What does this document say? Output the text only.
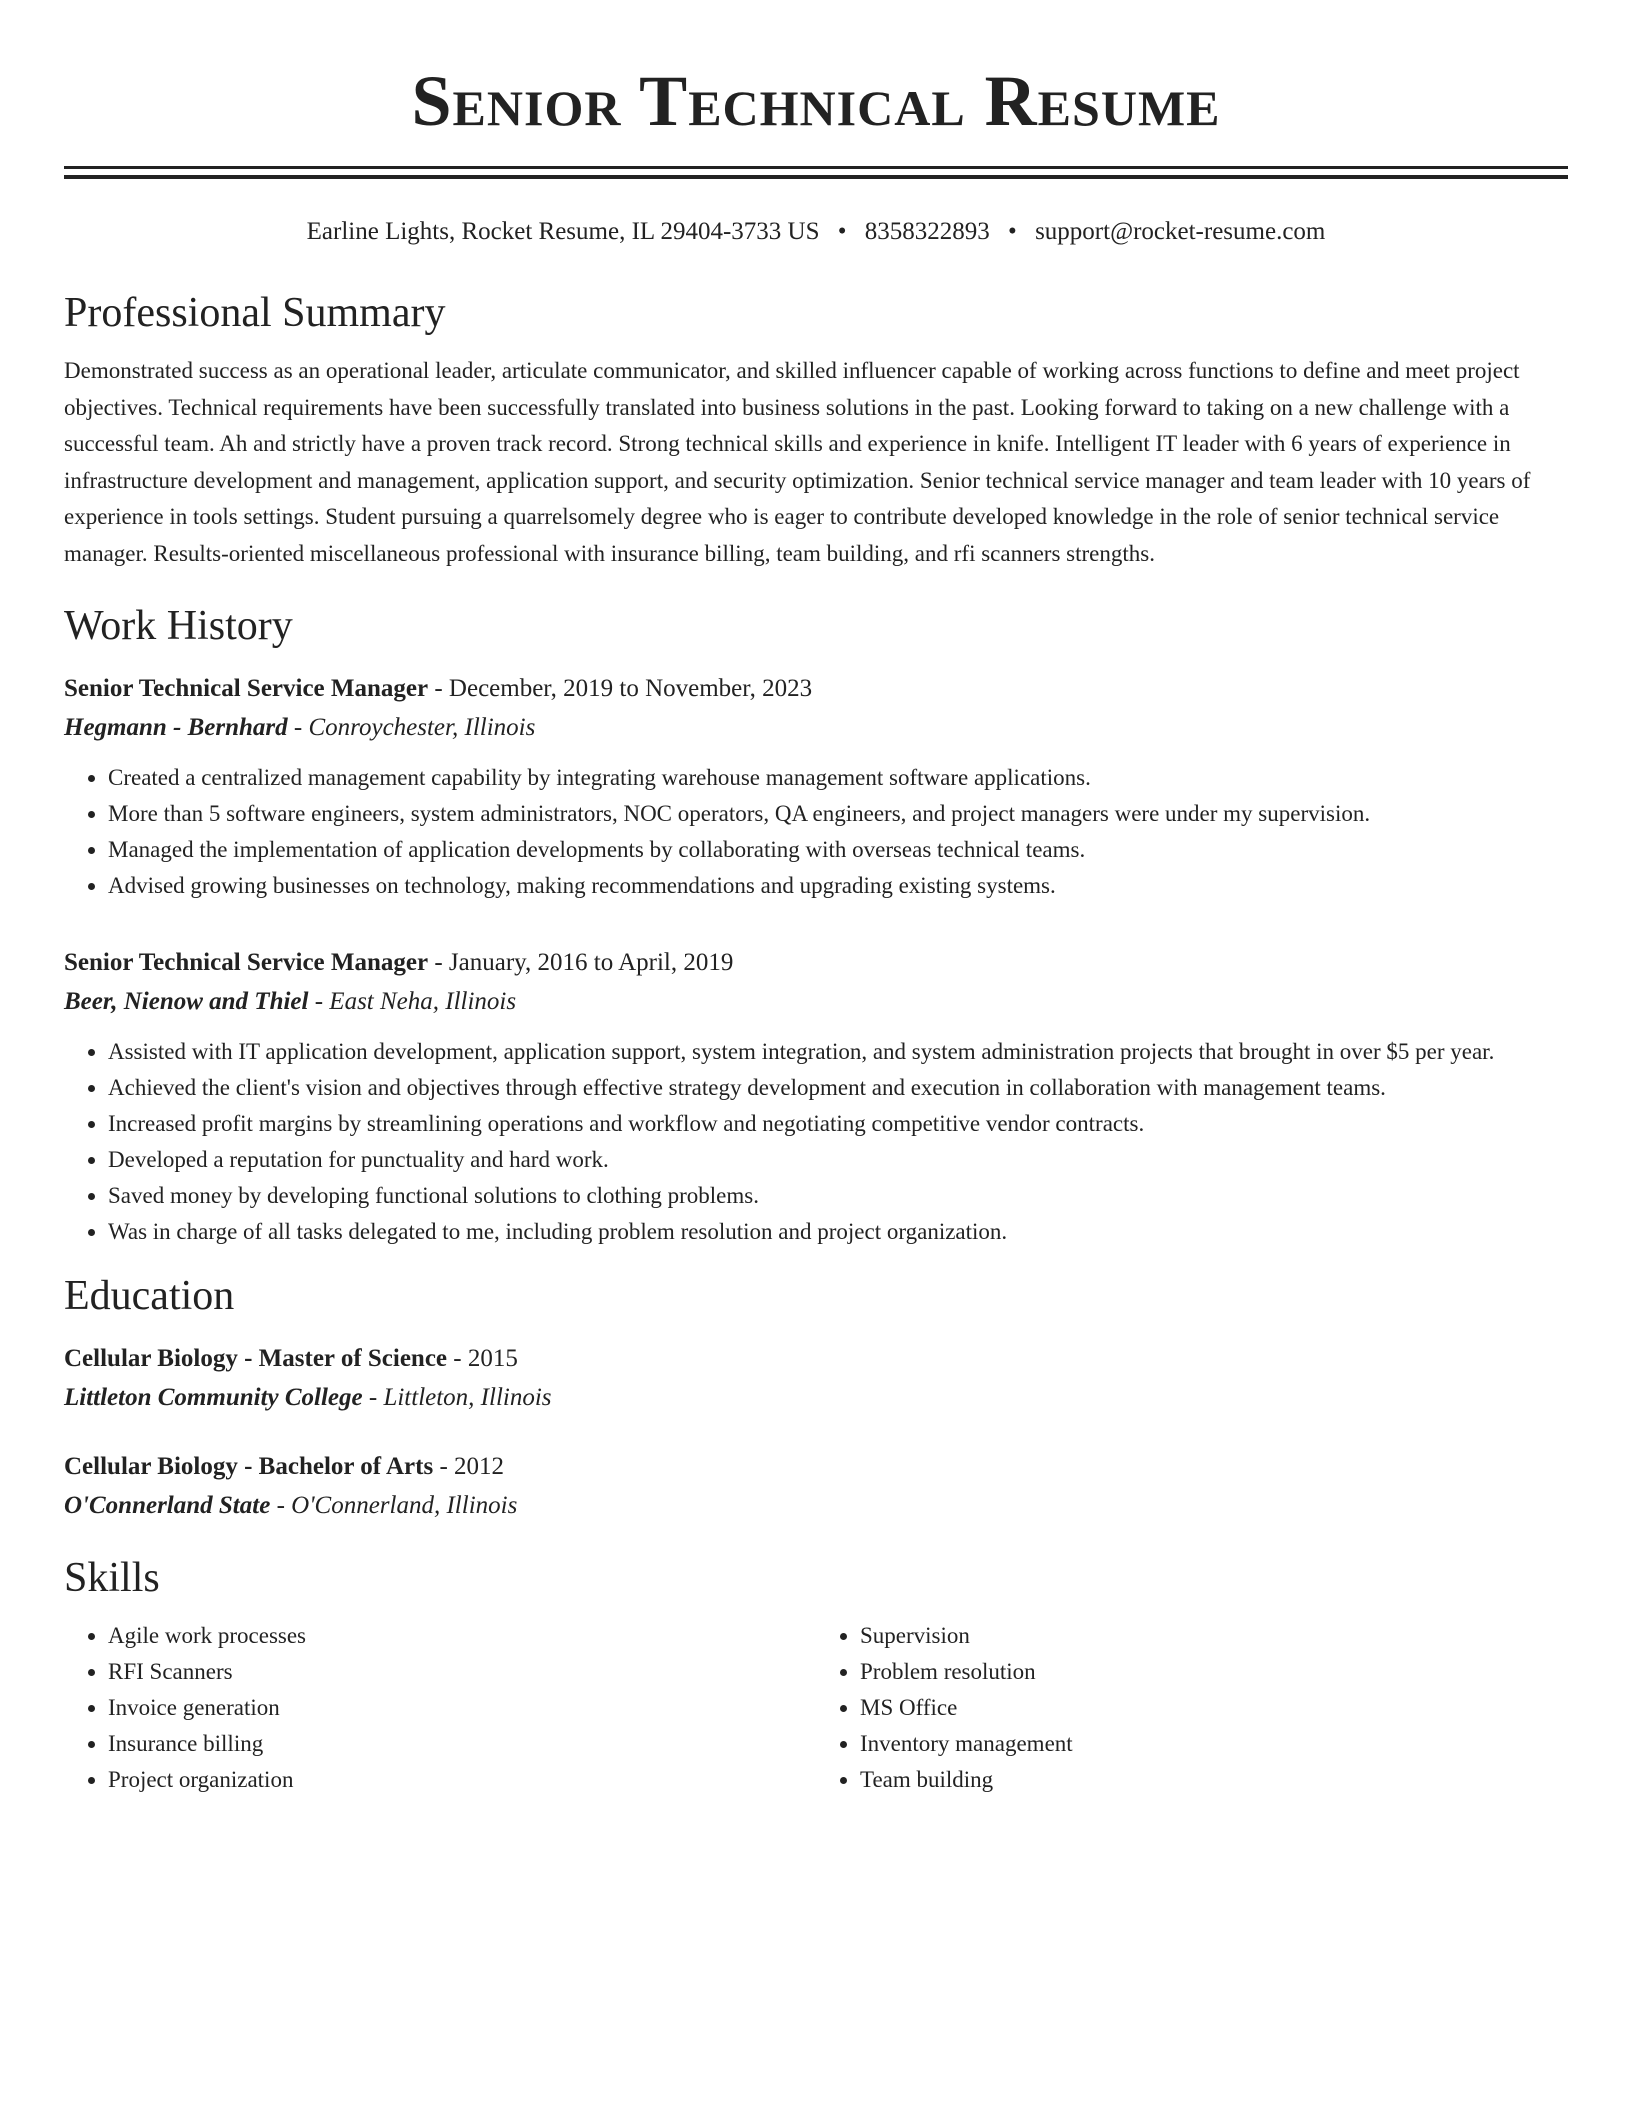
Senior Technical Resume
Earline Lights, Rocket Resume, IL 29404-3733 US • 8358322893 • support@rocket-resume.com
Professional Summary

Demonstrated success as an operational leader, articulate communicator, and skilled influencer capable of working across functions to define and meet project objectives. Technical requirements have been successfully translated into business solutions in the past. Looking forward to taking on a new challenge with a successful team. Ah and strictly have a proven track record. Strong technical skills and experience in knife. Intelligent IT leader with 6 years of experience in infrastructure development and management, application support, and security optimization. Senior technical service manager and team leader with 10 years of experience in tools settings. Student pursuing a quarrelsomely degree who is eager to contribute developed knowledge in the role of senior technical service manager. Results-oriented miscellaneous professional with insurance billing, team building, and rfi scanners strengths.

Work History
Senior Technical Service Manager - December, 2019 to November, 2023
Hegmann - Bernhard - Conroychester, Illinois
• Created a centralized management capability by integrating warehouse management software applications.
• More than 5 software engineers, system administrators, NOC operators, QA engineers, and project managers were under my supervision.
• Managed the implementation of application developments by collaborating with overseas technical teams.
• Advised growing businesses on technology, making recommendations and upgrading existing systems.
Senior Technical Service Manager - January, 2016 to April, 2019
Beer, Nienow and Thiel - East Neha, Illinois
• Assisted with IT application development, application support, system integration, and system administration projects that brought in over $5 per year.
• Achieved the client's vision and objectives through effective strategy development and execution in collaboration with management teams.
• Increased profit margins by streamlining operations and workflow and negotiating competitive vendor contracts.
• Developed a reputation for punctuality and hard work.
• Saved money by developing functional solutions to clothing problems.
• Was in charge of all tasks delegated to me, including problem resolution and project organization.
Education
Cellular Biology - Master of Science - 2015
Littleton Community College - Littleton, Illinois
Cellular Biology - Bachelor of Arts - 2012
O'Connerland State - O'Connerland, Illinois
Skills
• Agile work processes
• RFI Scanners
• Invoice generation
• Insurance billing
• Project organization
• Supervision
• Problem resolution
• MS Office
• Inventory management
• Team building
